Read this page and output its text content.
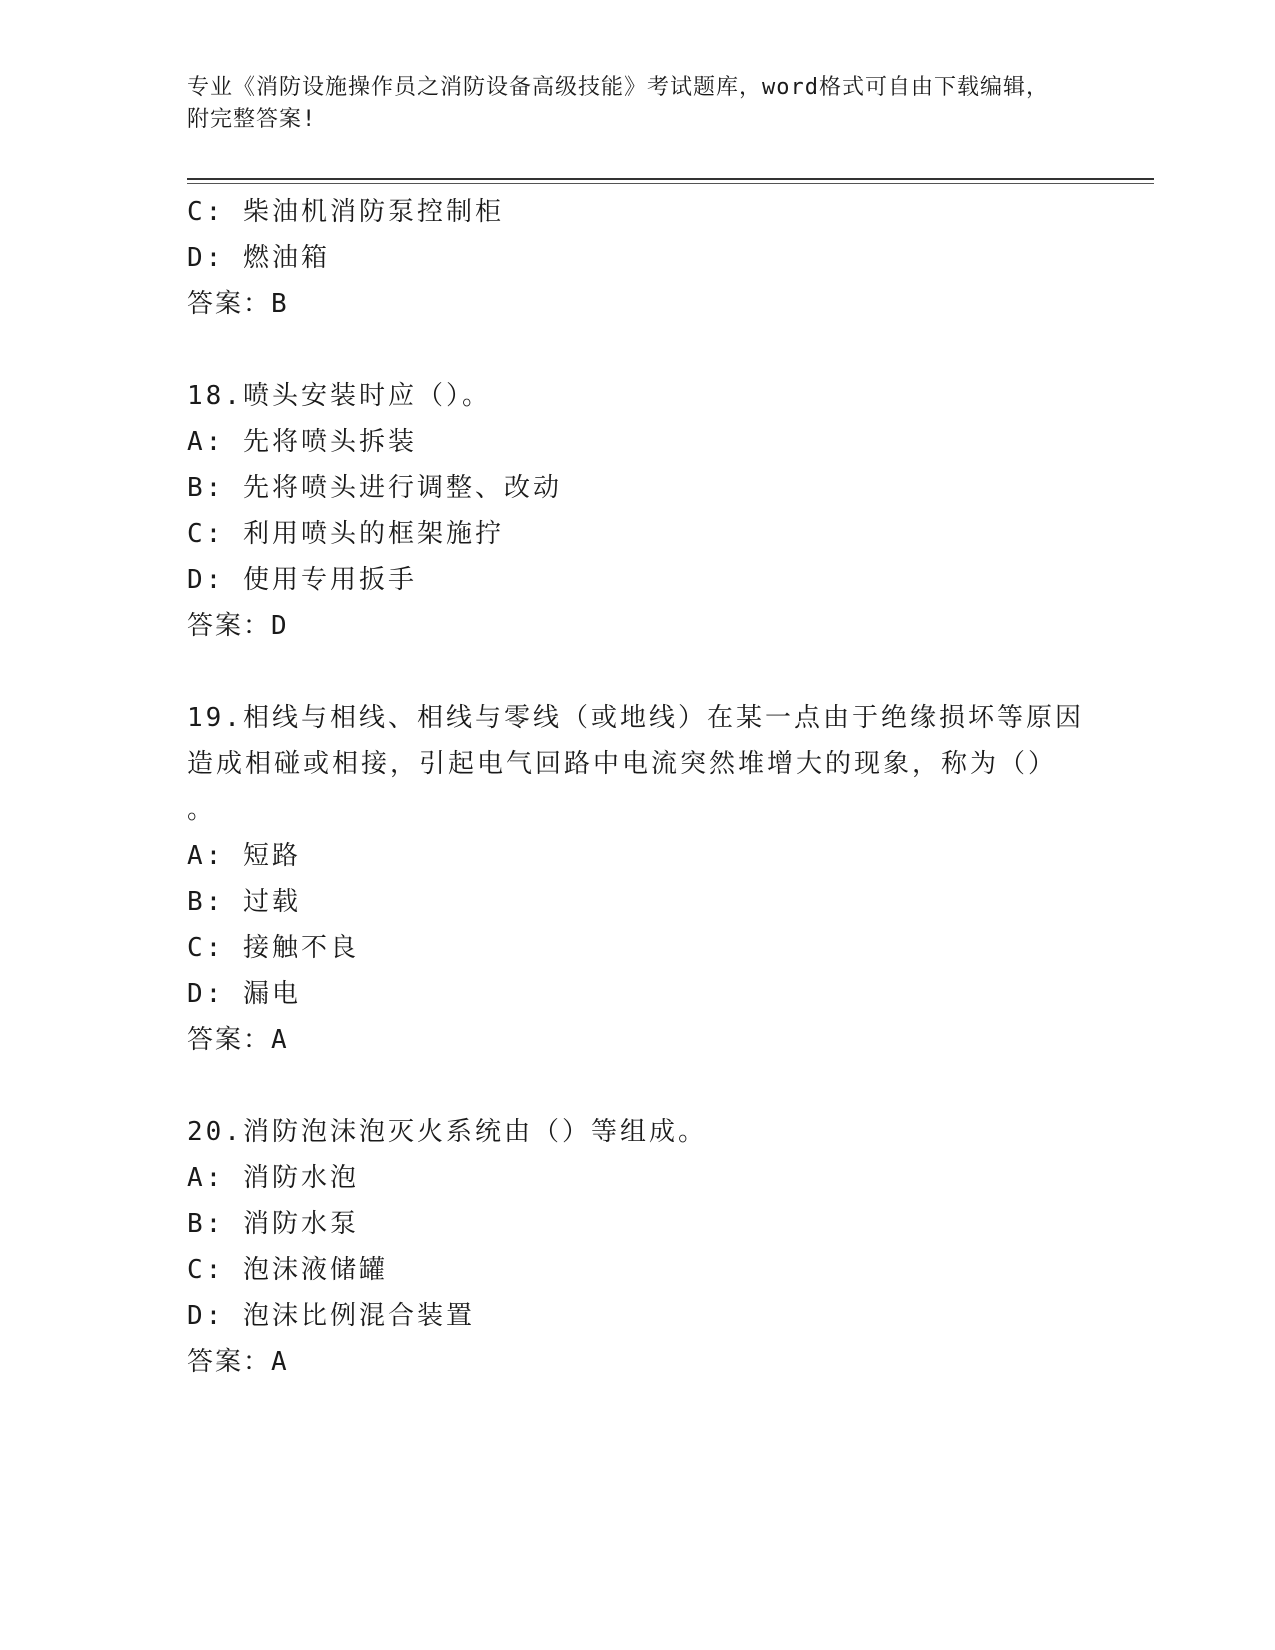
专业《消防设施操作员之消防设备高级技能》考试题库，word格式可自由下载编辑，附完整答案!

C: 柴油机消防泵控制柜

D: 燃油箱

答案：B

18.喷头安装时应（）。

A: 先将喷头拆装

B: 先将喷头进行调整、改动

C: 利用喷头的框架施拧

D: 使用专用扳手

答案：D

19.相线与相线、相线与零线（或地线）在某一点由于绝缘损坏等原因

造成相碰或相接，引起电气回路中电流突然堆增大的现象，称为（）

。

A: 短路

B: 过载

C: 接触不良

D: 漏电

答案：A

20.消防泡沫泡灭火系统由（）等组成。

A: 消防水泡

B: 消防水泵

C: 泡沫液储罐

D: 泡沫比例混合装置

答案：A
